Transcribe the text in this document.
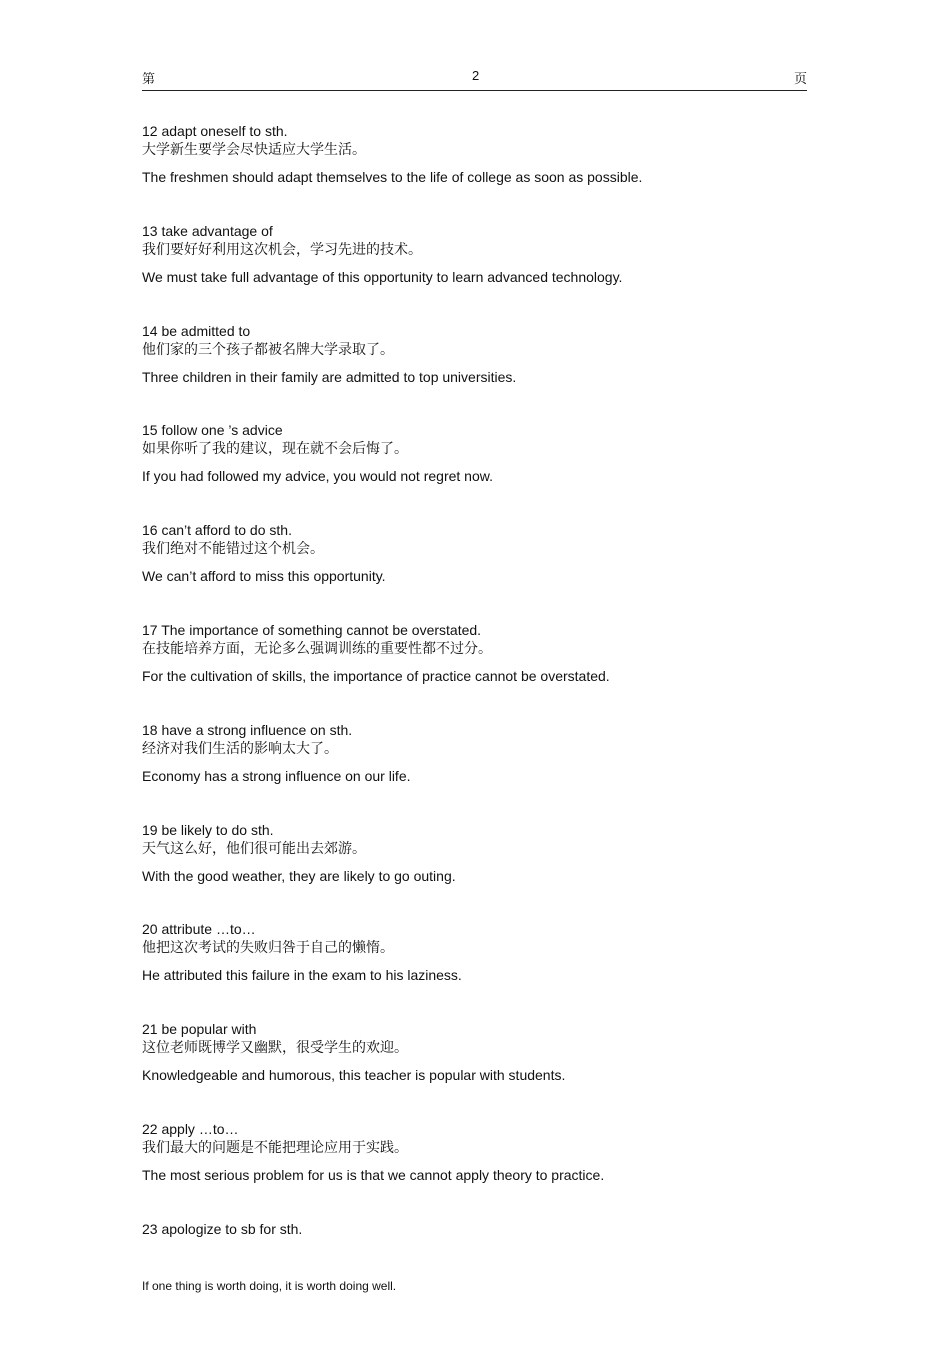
第	2	页
12 adapt oneself to sth.
大学新生要学会尽快适应大学生活。
The freshmen should adapt themselves to the life of college as soon as possible.
13 take advantage of
我们要好好利用这次机会，学习先进的技术。
We must take full advantage of this opportunity to learn advanced technology.
14 be admitted to
他们家的三个孩子都被名牌大学录取了。
Three children in their family are admitted to top universities.
15 follow one ’s advice
如果你听了我的建议，现在就不会后悔了。
If you had followed my advice, you would not regret now.
16 can’t afford to do sth.
我们绝对不能错过这个机会。
We can’t afford to miss this opportunity.
17 The importance of something cannot be overstated.
在技能培养方面，无论多么强调训练的重要性都不过分。
For the cultivation of skills, the importance of practice cannot be overstated.
18 have a strong influence on sth.
经济对我们生活的影响太大了。
Economy has a strong influence on our life.
19 be likely to do sth.
天气这么好，他们很可能出去郊游。
With the good weather, they are likely to go outing.
20 attribute …to…
他把这次考试的失败归咎于自己的懒惰。
He attributed this failure in the exam to his laziness.
21 be popular with
这位老师既博学又幽默，很受学生的欢迎。
Knowledgeable and humorous, this teacher is popular with students.
22 apply …to…
我们最大的问题是不能把理论应用于实践。
The most serious problem for us is that we cannot apply theory to practice.
23 apologize to sb for sth.
If one thing is worth doing, it is worth doing well.
